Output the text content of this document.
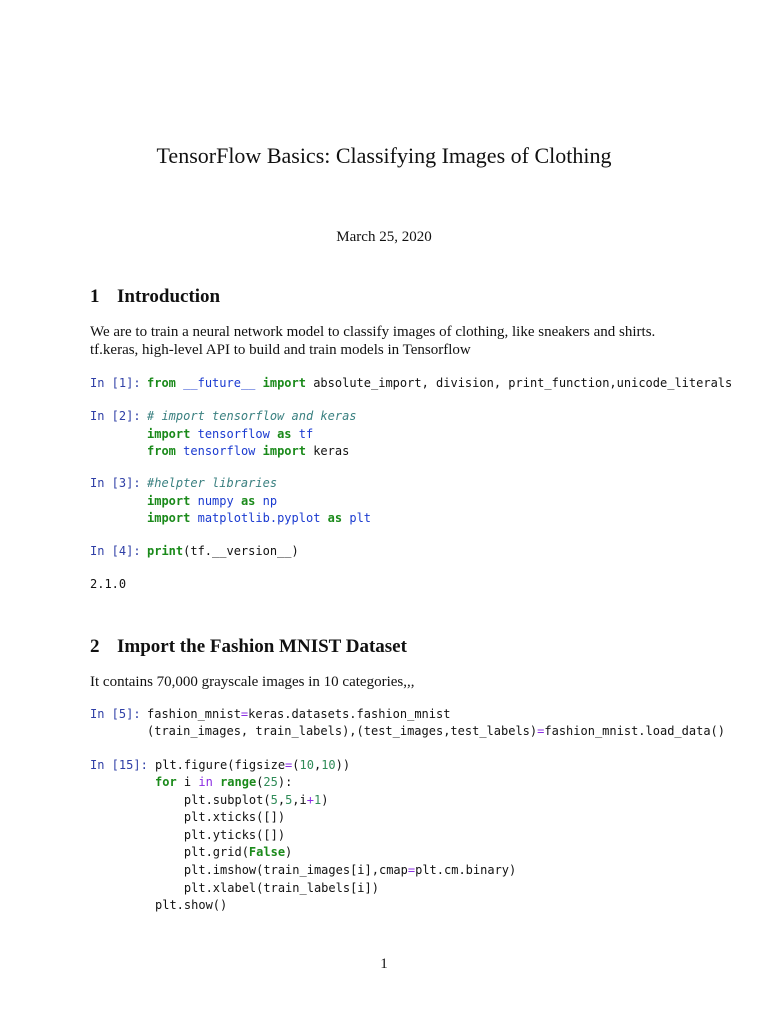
TensorFlow Basics: Classifying Images of Clothing
March 25, 2020
1 Introduction
We are to train a neural network model to classify images of clothing, like sneakers and shirts.
tf.keras, high-level API to build and train models in Tensorflow
In [1]: from __future__ import absolute_import, division, print_function,unicode_literals
In [2]: # import tensorflow and keras
import tensorflow as tf
from tensorflow import keras
In [3]: #helpter libraries
import numpy as np
import matplotlib.pyplot as plt
In [4]: print(tf.__version__)
2.1.0
2 Import the Fashion MNIST Dataset
It contains 70,000 grayscale images in 10 categories,,,
In [5]: fashion_mnist=keras.datasets.fashion_mnist
(train_images, train_labels),(test_images,test_labels)=fashion_mnist.load_data()
In [15]: plt.figure(figsize=(10,10))
for i in range(25):
plt.subplot(5,5,i+1)
plt.xticks([])
plt.yticks([])
plt.grid(False)
plt.imshow(train_images[i],cmap=plt.cm.binary)
plt.xlabel(train_labels[i])
plt.show()
1
